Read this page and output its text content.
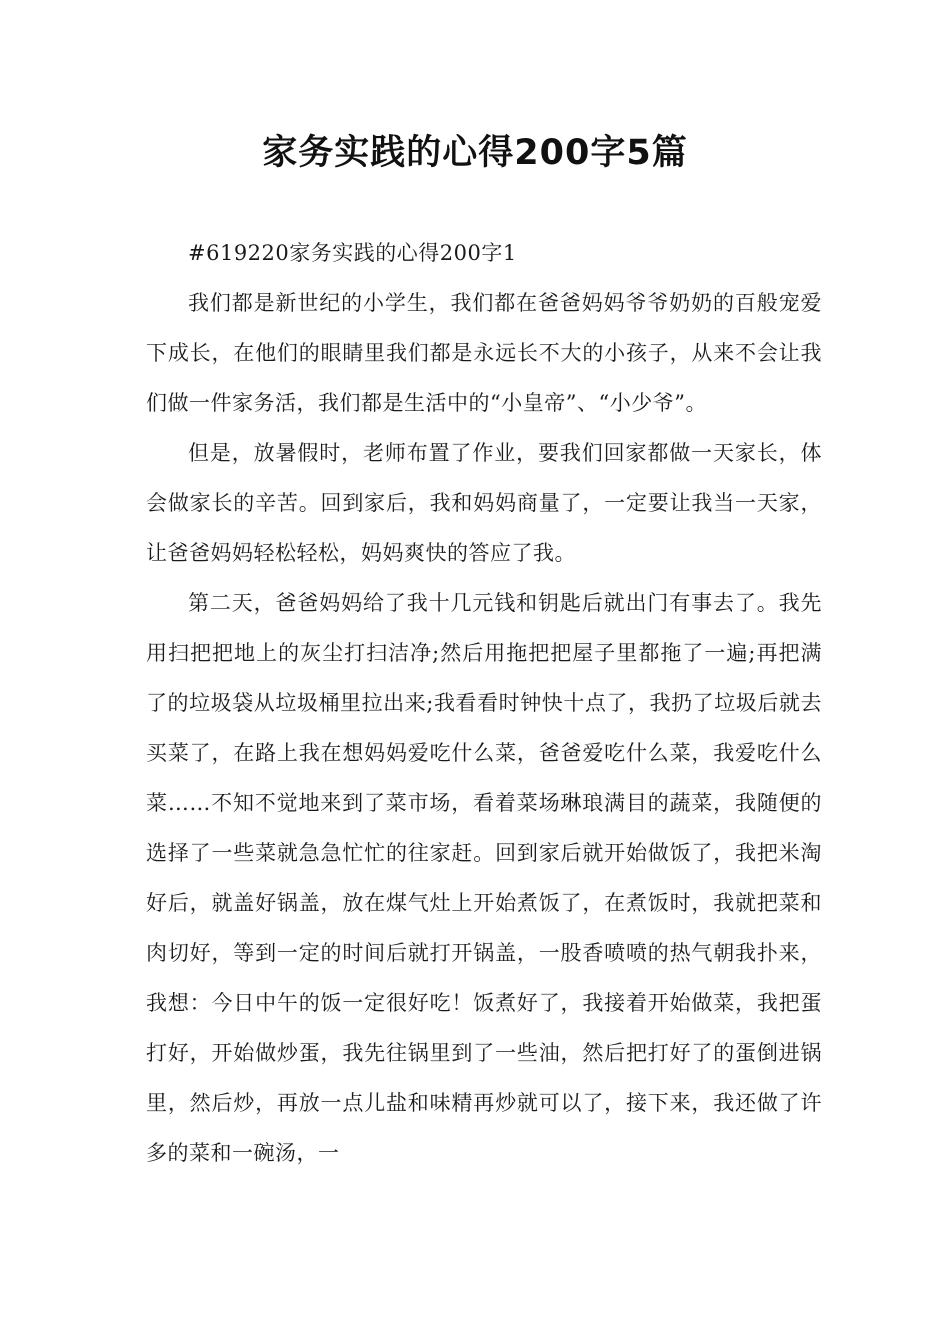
家务实践的心得200字5篇

#619220家务实践的心得200字1

我们都是新世纪的小学生，我们都在爸爸妈妈爷爷奶奶的百般宠爱下成长，在他们的眼睛里我们都是永远长不大的小孩子，从来不会让我们做一件家务活，我们都是生活中的“小皇帝”、“小少爷”。

但是，放暑假时，老师布置了作业，要我们回家都做一天家长，体会做家长的辛苦。回到家后，我和妈妈商量了，一定要让我当一天家，让爸爸妈妈轻松轻松，妈妈爽快的答应了我。

第二天，爸爸妈妈给了我十几元钱和钥匙后就出门有事去了。我先用扫把把地上的灰尘打扫洁净;然后用拖把把屋子里都拖了一遍;再把满了的垃圾袋从垃圾桶里拉出来;我看看时钟快十点了，我扔了垃圾后就去买菜了，在路上我在想妈妈爱吃什么菜，爸爸爱吃什么菜，我爱吃什么菜……不知不觉地来到了菜市场，看着菜场琳琅满目的蔬菜，我随便的选择了一些菜就急急忙忙的往家赶。回到家后就开始做饭了，我把米淘好后，就盖好锅盖，放在煤气灶上开始煮饭了，在煮饭时，我就把菜和肉切好，等到一定的时间后就打开锅盖，一股香喷喷的热气朝我扑来，我想：今日中午的饭一定很好吃！饭煮好了，我接着开始做菜，我把蛋打好，开始做炒蛋，我先往锅里到了一些油，然后把打好了的蛋倒进锅里，然后炒，再放一点儿盐和味精再炒就可以了，接下来，我还做了许多的菜和一碗汤，一
